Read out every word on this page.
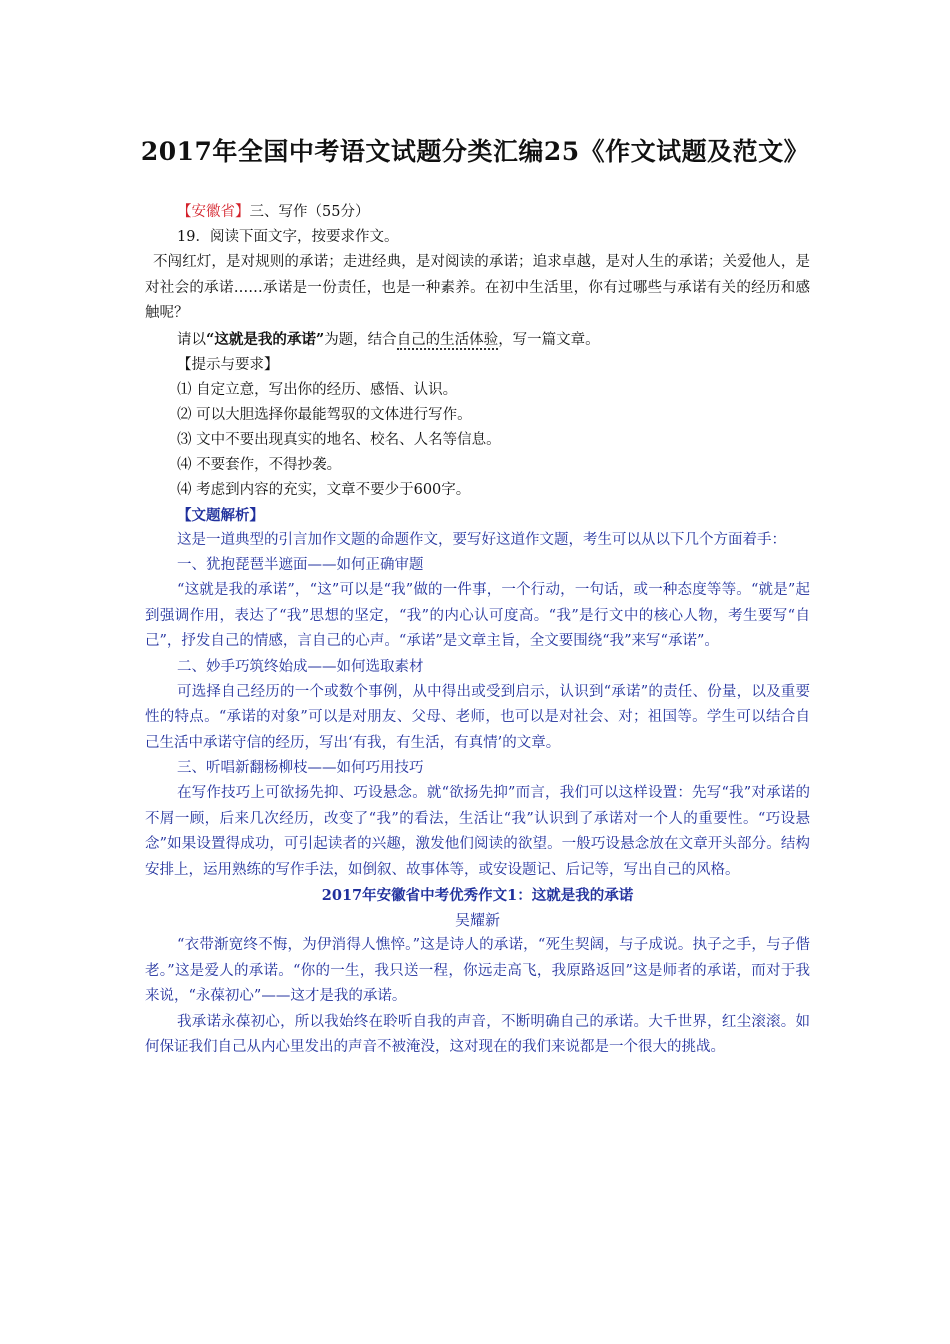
2017年全国中考语文试题分类汇编25《作文试题及范文》
【安徽省】三、写作（55分）
19．阅读下面文字，按要求作文。
不闯红灯，是对规则的承诺；走进经典，是对阅读的承诺；追求卓越，是对人生的承诺；关爱他人，是对社会的承诺……承诺是一份责任，也是一种素养。在初中生活里，你有过哪些与承诺有关的经历和感触呢？
请以“这就是我的承诺”为题，结合自己的生活体验，写一篇文章。
【提示与要求】
⑴ 自定立意，写出你的经历、感悟、认识。
⑵ 可以大胆选择你最能驾驭的文体进行写作。
⑶ 文中不要出现真实的地名、校名、人名等信息。
⑷ 不要套作，不得抄袭。
⑷ 考虑到内容的充实，文章不要少于600字。
【文题解析】
这是一道典型的引言加作文题的命题作文，要写好这道作文题，考生可以从以下几个方面着手：
一、犹抱琵琶半遮面——如何正确审题
“这就是我的承诺”，“这”可以是“我”做的一件事，一个行动，一句话，或一种态度等等。“就是”起到强调作用，表达了“我”思想的坚定，“我”的内心认可度高。“我”是行文中的核心人物，考生要写“自己”，抒发自己的情感，言自己的心声。“承诺”是文章主旨，全文要围绕“我”来写“承诺”。
二、妙手巧筑终始成——如何选取素材
可选择自己经历的一个或数个事例，从中得出或受到启示，认识到“承诺”的责任、份量，以及重要性的特点。“承诺的对象”可以是对朋友、父母、老师，也可以是对社会、对；祖国等。学生可以结合自己生活中承诺守信的经历，写出‘有我，有生活，有真情’的文章。
三、听唱新翻杨柳枝——如何巧用技巧
在写作技巧上可欲扬先抑、巧设悬念。就“欲扬先抑”而言，我们可以这样设置：先写“我”对承诺的不屑一顾，后来几次经历，改变了“我”的看法，生活让“我”认识到了承诺对一个人的重要性。“巧设悬念”如果设置得成功，可引起读者的兴趣，激发他们阅读的欲望。一般巧设悬念放在文章开头部分。结构安排上，运用熟练的写作手法，如倒叙、故事体等，或安设题记、后记等，写出自己的风格。
2017年安徽省中考优秀作文1：这就是我的承诺
吴耀新
“衣带渐宽终不悔，为伊消得人憔悴。”这是诗人的承诺，“死生契阔，与子成说。执子之手，与子偕老。”这是爱人的承诺。“你的一生，我只送一程，你远走高飞，我原路返回”这是师者的承诺，而对于我来说，“永葆初心”——这才是我的承诺。
我承诺永葆初心，所以我始终在聆听自我的声音，不断明确自己的承诺。大千世界，红尘滚滚。如何保证我们自己从内心里发出的声音不被淹没，这对现在的我们来说都是一个很大的挑战。
